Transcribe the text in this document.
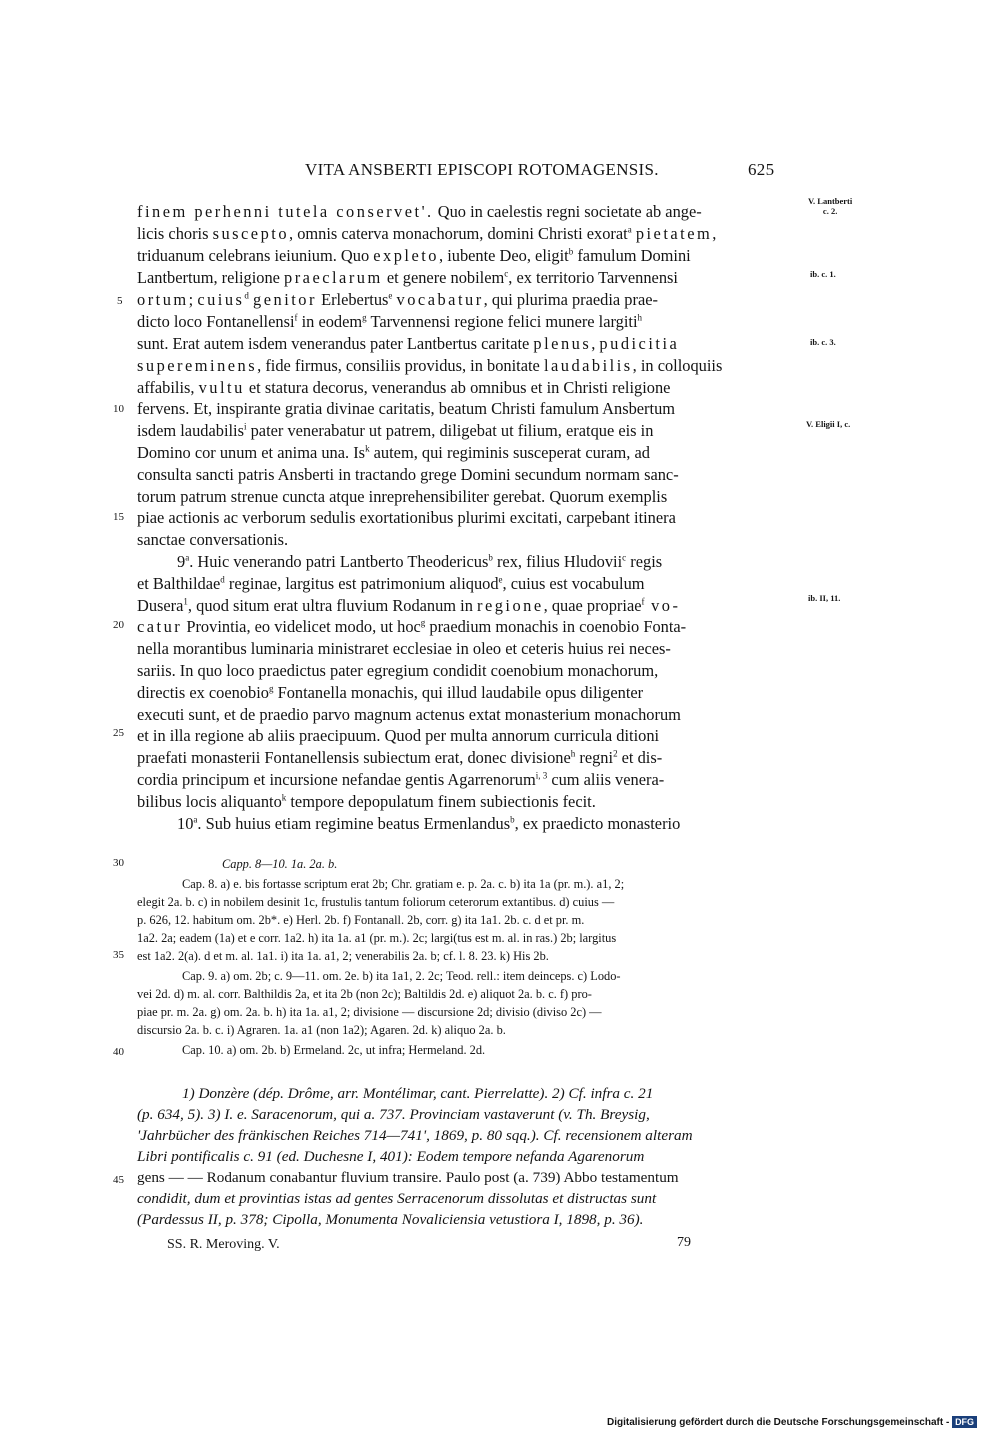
VITA ANSBERTI EPISCOPI ROTOMAGENSIS.	625
V. Lantberti
c. 2.
ib. c. 1.
ib. c. 3.
V. Eligii I, c.
ib. II, 11.
5
10
15
20
25
30
35
40
45
finem perhenni tutela conservet'. Quo in caelestis regni societate ab ange-
licis choris suscepto, omnis caterva monachorum, domini Christi exorat$^a$ pietatem,
triduanum celebrans ieiunium. Quo expleto, iubente Deo, eligit$^b$ famulum Domini
Lantbertum, religione praeclarum et genere nobilem$^c$, ex territorio Tarvennensi
ortum; cuius$^d$ genitor Erlebertus$^e$ vocabatur, qui plurima praedia prae-
dicto loco Fontanellensi$^f$ in eodem$^g$ Tarvennensi regione felici munere largiti$^h$
sunt. Erat autem isdem venerandus pater Lantbertus caritate plenus, pudicitia
supereminens, fide firmus, consiliis providus, in bonitate laudabilis, in colloquiis
affabilis, vultu et statura decorus, venerandus ab omnibus et in Christi religione
fervens. Et, inspirante gratia divinae caritatis, beatum Christi famulum Ansbertum
isdem laudabilis$^i$ pater venerabatur ut patrem, diligebat ut filium, eratque eis in
Domino cor unum et anima una. Is$^k$ autem, qui regiminis susceperat curam, ad
consulta sancti patris Ansberti in tractando grege Domini secundum normam sanc-
torum patrum strenue cuncta atque inreprehensibiliter gerebat. Quorum exemplis
piae actionis ac verborum sedulis exortationibus plurimi excitati, carpebant itinera
sanctae conversationis.
9$^a$. Huic venerando patri Lantberto Theodericus$^b$ rex, filius Hludovii$^c$ regis
et Balthildae$^d$ reginae, largitus est patrimonium aliquod$^e$, cuius est vocabulum
Dusera$^1$, quod situm erat ultra fluvium Rodanum in regione, quae propriae$^f$ vo-
catur Provintia, eo videlicet modo, ut hoc$^g$ praedium monachis in coenobio Fonta-
nella morantibus luminaria ministraret ecclesiae in oleo et ceteris huius rei neces-
sariis. In quo loco praedictus pater egregium condidit coenobium monachorum,
directis ex coenobio$^g$ Fontanella monachis, qui illud laudabile opus diligenter
executi sunt, et de praedio parvo magnum actenus extat monasterium monachorum
et in illa regione ab aliis praecipuum. Quod per multa annorum curricula ditioni
praefati monasterii Fontanellensis subiectum erat, donec divisione$^h$ regni$^2$ et dis-
cordia principum et incursione nefandae gentis Agarrenorum$^{i, 3}$ cum aliis venera-
bilibus locis aliquanto$^k$ tempore depopulatum finem subiectionis fecit.
10$^a$. Sub huius etiam regimine beatus Ermenlandus$^b$, ex praedicto monasterio
Capp. 8—10. 1a. 2a. b.
Cap. 8. a) e. bis fortasse scriptum erat 2b; Chr. gratiam e. p. 2a. c. b) ita 1a (pr. m.). a1, 2;
elegit 2a. b. c) in nobilem desinit 1c, frustulis tantum foliorum ceterorum extantibus. d) cuius —
p. 626, 12. habitum om. 2b*. e) Herl. 2b. f) Fontanall. 2b, corr. g) ita 1a1. 2b. c. d et pr. m.
1a2. 2a; eadem (1a) et e corr. 1a2. h) ita 1a. a1 (pr. m.). 2c; largi(tus est m. al. in ras.) 2b; largitus
est 1a2. 2(a). d et m. al. 1a1. i) ita 1a. a1, 2; venerabilis 2a. b; cf. l. 8. 23. k) His 2b.
Cap. 9. a) om. 2b; c. 9—11. om. 2e. b) ita 1a1, 2. 2c; Teod. rell.: item deinceps. c) Lodo-
vei 2d. d) m. al. corr. Balthildis 2a, et ita 2b (non 2c); Baltildis 2d. e) aliquot 2a. b. c. f) pro-
piae pr. m. 2a. g) om. 2a. b. h) ita 1a. a1, 2; divisione — discursione 2d; divisio (diviso 2c) —
discursio 2a. b. c. i) Agraren. 1a. a1 (non 1a2); Agaren. 2d. k) aliquo 2a. b.
Cap. 10. a) om. 2b. b) Ermeland. 2c, ut infra; Hermeland. 2d.
1) Donzère (dép. Drôme, arr. Montélimar, cant. Pierrelatte). 2) Cf. infra c. 21
(p. 634, 5). 3) I. e. Saracenorum, qui a. 737. Provinciam vastaverunt (v. Th. Breysig,
'Jahrbücher des fränkischen Reiches 714—741', 1869, p. 80 sqq.). Cf. recensionem alteram
Libri pontificalis c. 91 (ed. Duchesne I, 401): Eodem tempore nefanda Agarenorum
gens — — Rodanum conabantur fluvium transire. Paulo post (a. 739) Abbo testamentum
condidit, dum et provintias istas ad gentes Serracenorum dissolutas et distructas sunt
(Pardessus II, p. 378; Cipolla, Monumenta Novaliciensia vetustiora I, 1898, p. 36).
SS. R. Meroving. V.	79
Digitalisierung gefördert durch die Deutsche Forschungsgemeinschaft - DFG
